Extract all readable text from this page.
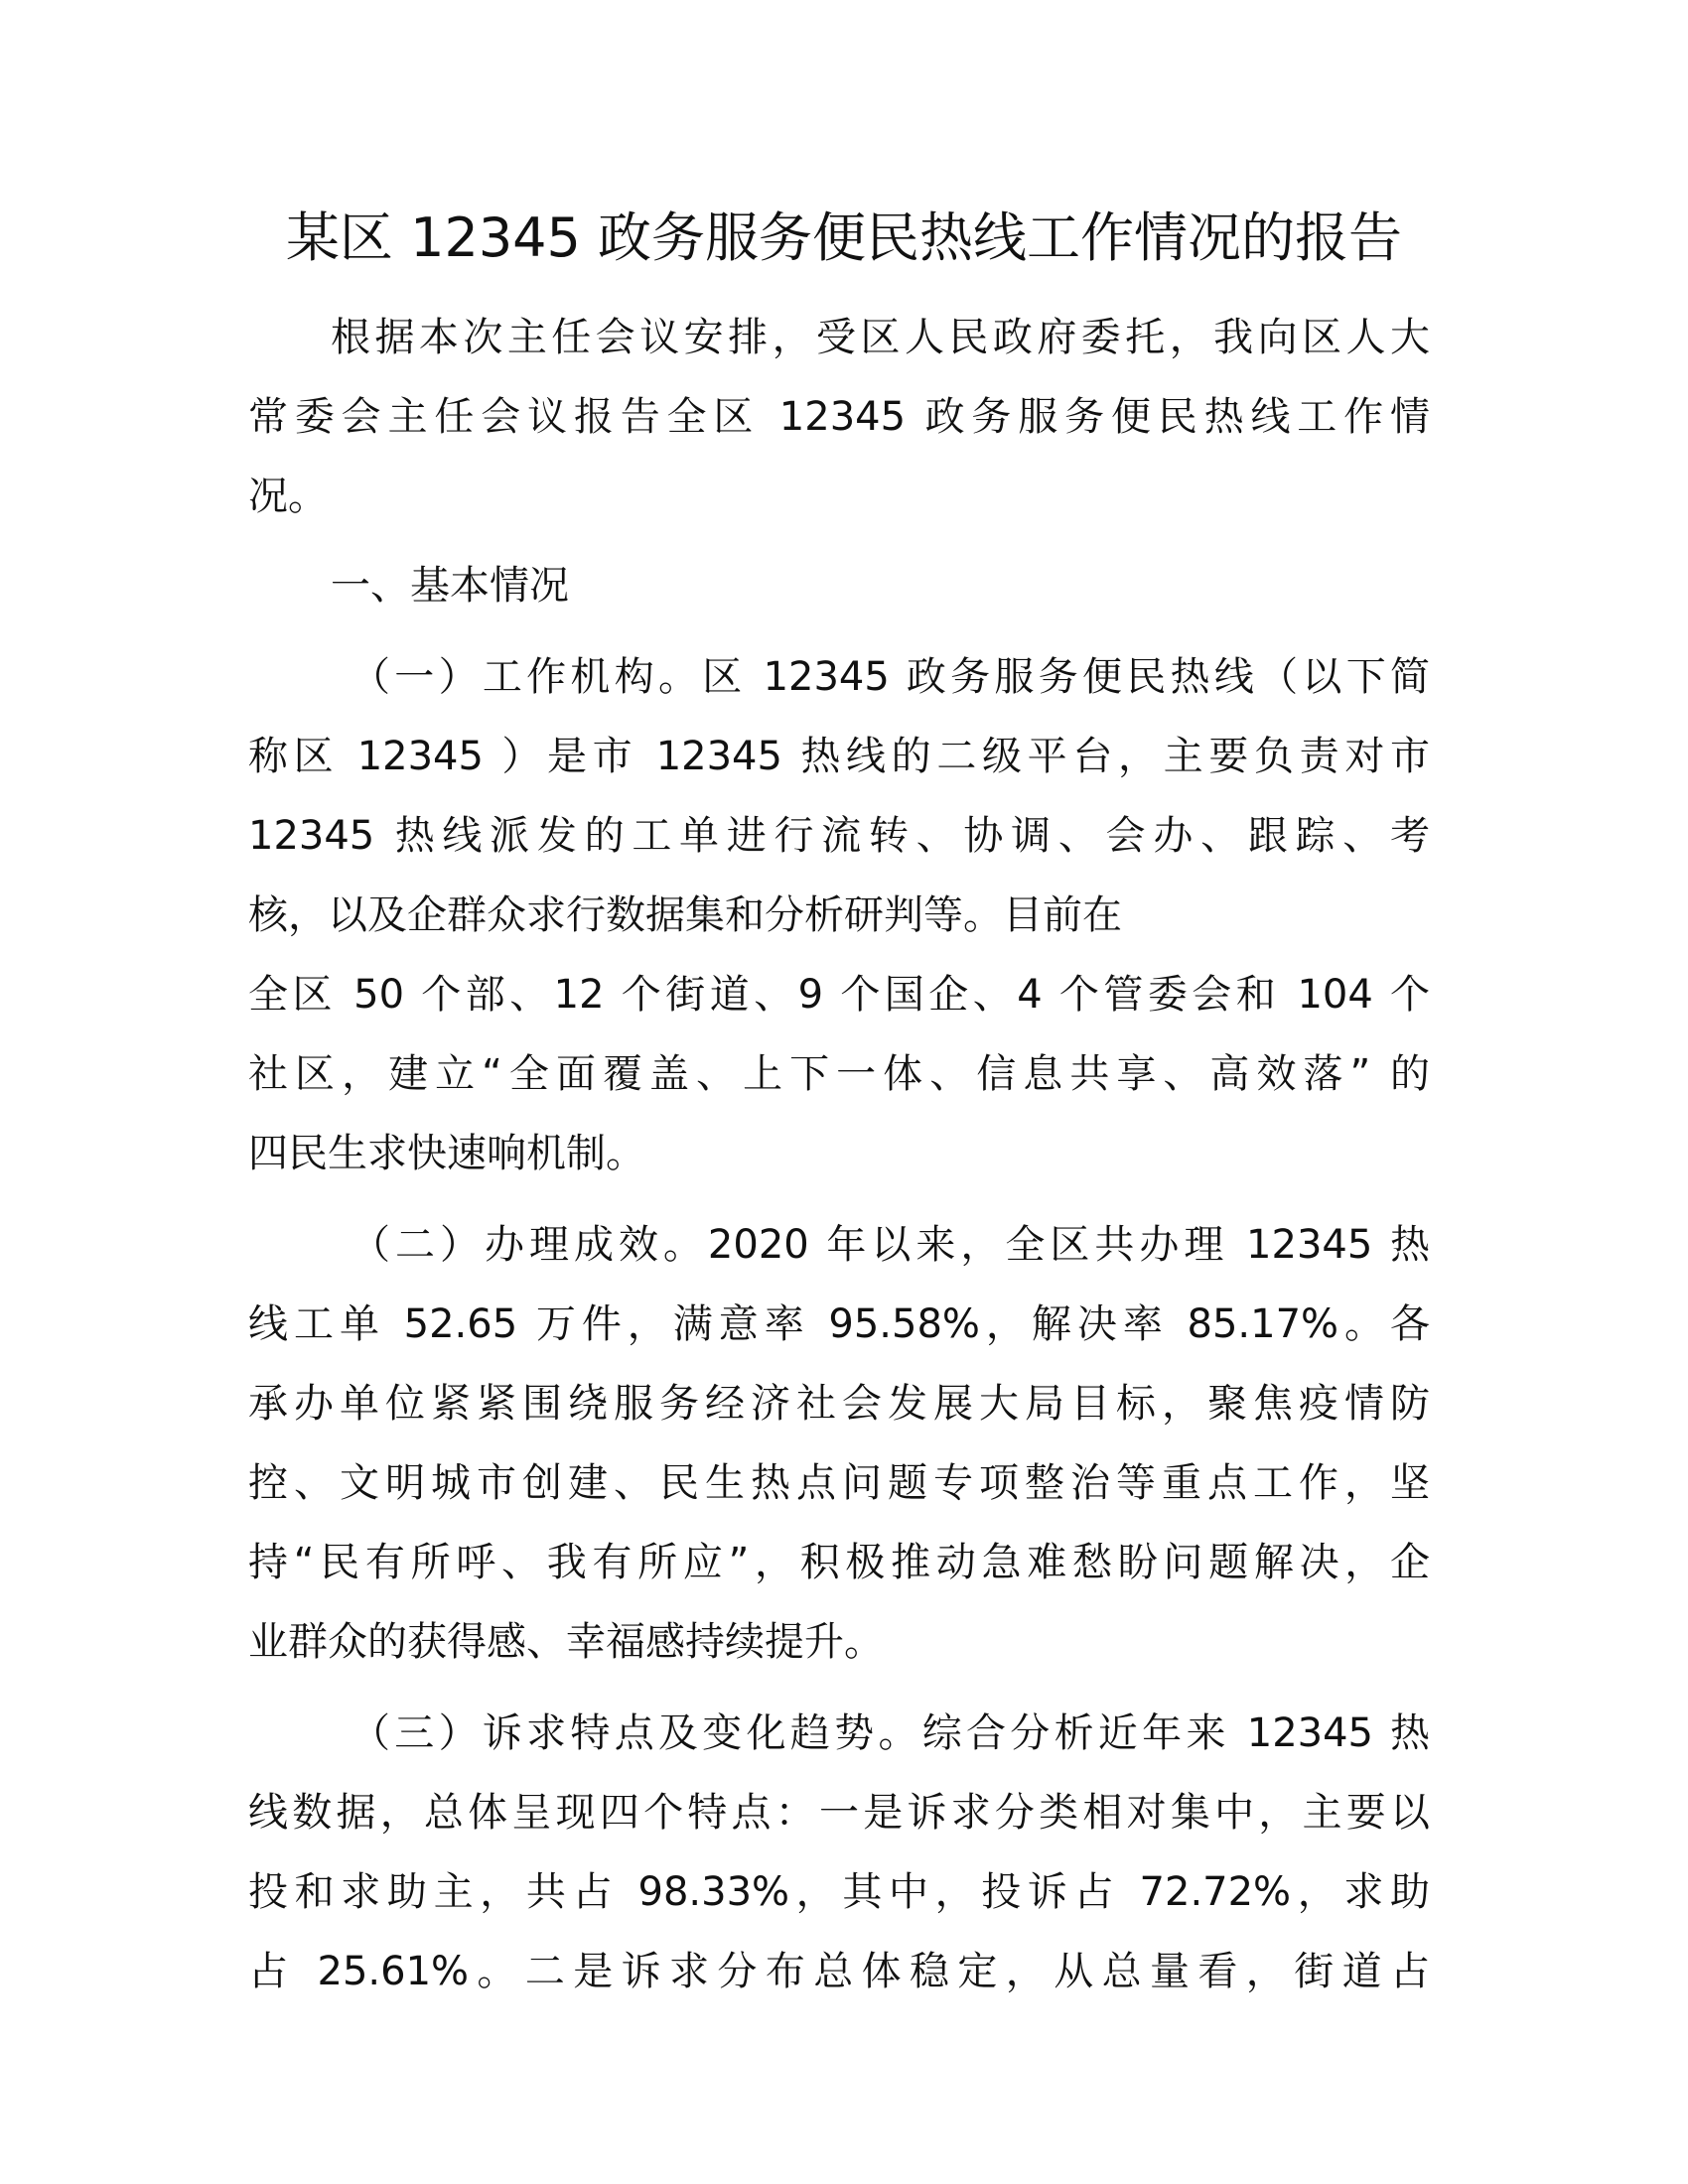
某区 12345 政务服务便民热线工作情况的报告
根据本次主任会议安排，受区人民政府委托，我向区人大
常委会主任会议报告全区 12345 政务服务便民热线工作情
况。
一、基本情况
（一）工作机构。区 12345 政务服务便民热线（以下简
称区 12345 ）是市 12345 热线的二级平台，主要负责对市
12345 热线派发的工单进行流转、协调、会办、跟踪、考
核，以及企群众求行数据集和分析研判等。目前在
全区 50 个部、12 个街道、9 个国企、4 个管委会和 104 个
社区，建立“全面覆盖、上下一体、信息共享、高效落” 的
四民生求快速响机制。
（二）办理成效。2020 年以来，全区共办理 12345 热
线工单 52.65 万件，满意率 95.58%，解决率 85.17%。各
承办单位紧紧围绕服务经济社会发展大局目标，聚焦疫情防
控、文明城市创建、民生热点问题专项整治等重点工作，坚
持“民有所呼、我有所应”，积极推动急难愁盼问题解决，企
业群众的获得感、幸福感持续提升。
（三）诉求特点及变化趋势。综合分析近年来 12345 热
线数据，总体呈现四个特点：一是诉求分类相对集中，主要以
投和求助主，共占 98.33%，其中，投诉占 72.72%，求助
占 25.61%。二是诉求分布总体稳定，从总量看，街道占
